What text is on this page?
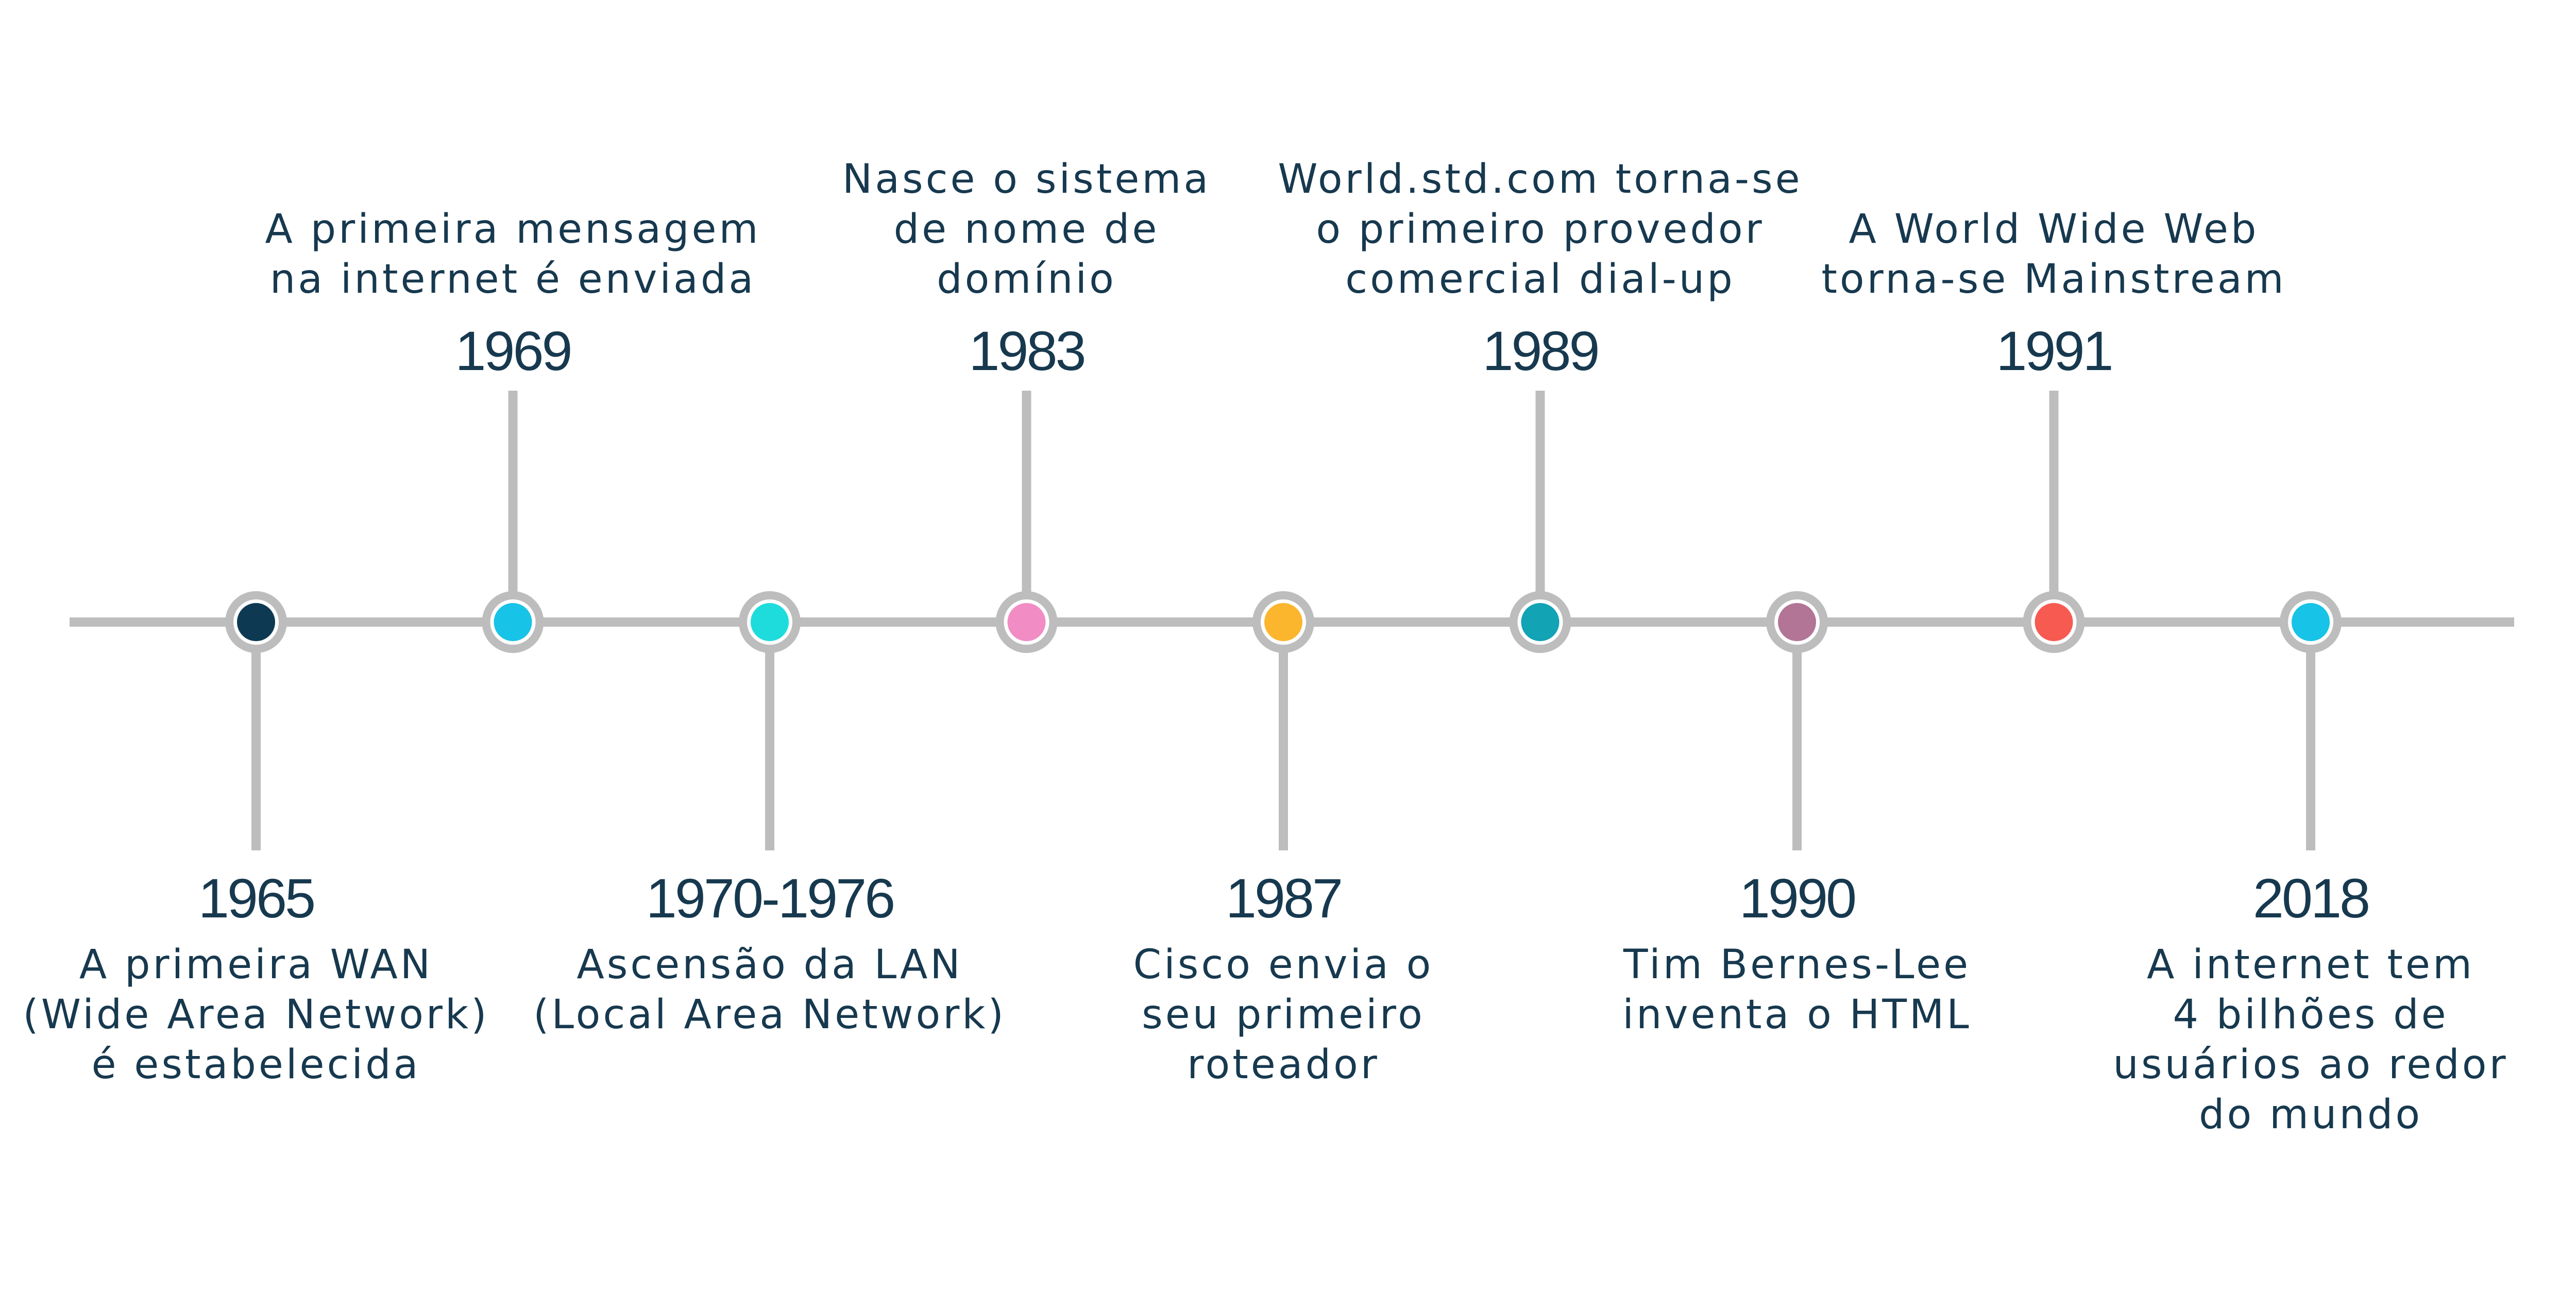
1965
A primeira WAN
(Wide Area Network)
é estabelecida
1969
A primeira mensagem
na internet é enviada
1970-1976
Ascensão da LAN
(Local Area Network)
1983
Nasce o sistema
de nome de
domínio
1987
Cisco envia o
seu primeiro
roteador
1989
World.std.com torna-se
o primeiro provedor
comercial dial-up
1990
Tim Bernes-Lee
inventa o HTML
1991
A World Wide Web
torna-se Mainstream
2018
A internet tem
4 bilhões de
usuários ao redor
do mundo
